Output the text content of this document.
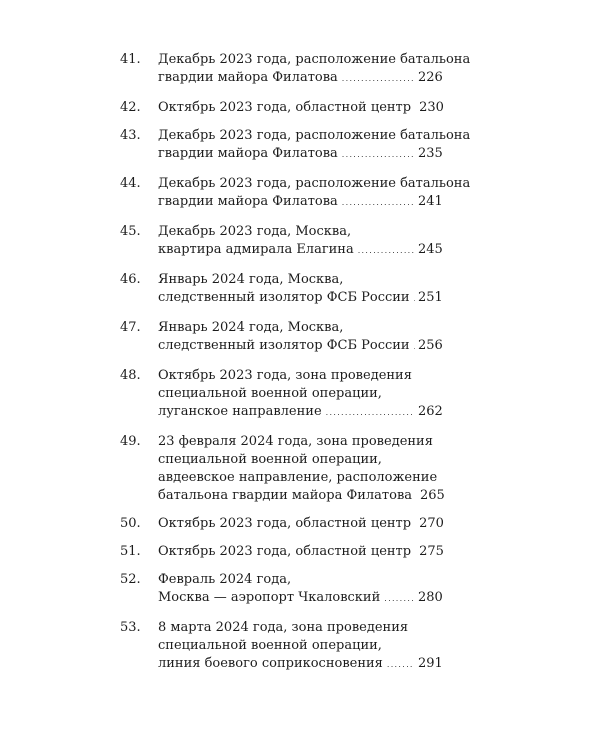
41.	Декабрь 2023 года, расположение батальона
гвардии майора Филатова .....	226
42.	Октябрь 2023 года, областной центр 230
43.	Декабрь 2023 года, расположение батальона
гвардии майора Филатова .....	235
44.	Декабрь 2023 года, расположение батальона
гвардии майора Филатова .....	241
45.	Декабрь 2023 года, Москва,
квартира адмирала Елагина .....	245
46.	Январь 2024 года, Москва,
следственный изолятор ФСБ России ..... 251
47.	Январь 2024 года, Москва,
следственный изолятор ФСБ России ..... 256
48.	Октябрь 2023 года, зона проведения
специальной военной операции,
луганское направление .....	262
49.	23 февраля 2024 года, зона проведения
специальной военной операции,
авдеевское направление, расположение
батальона гвардии майора Филатова 265
50.	Октябрь 2023 года, областной центр 270
51.	Октябрь 2023 года, областной центр 275
52.	Февраль 2024 года,
Москва — аэропорт Чкаловский .....	280
53.	8 марта 2024 года, зона проведения
специальной военной операции,
линия боевого соприкосновения .....	291
